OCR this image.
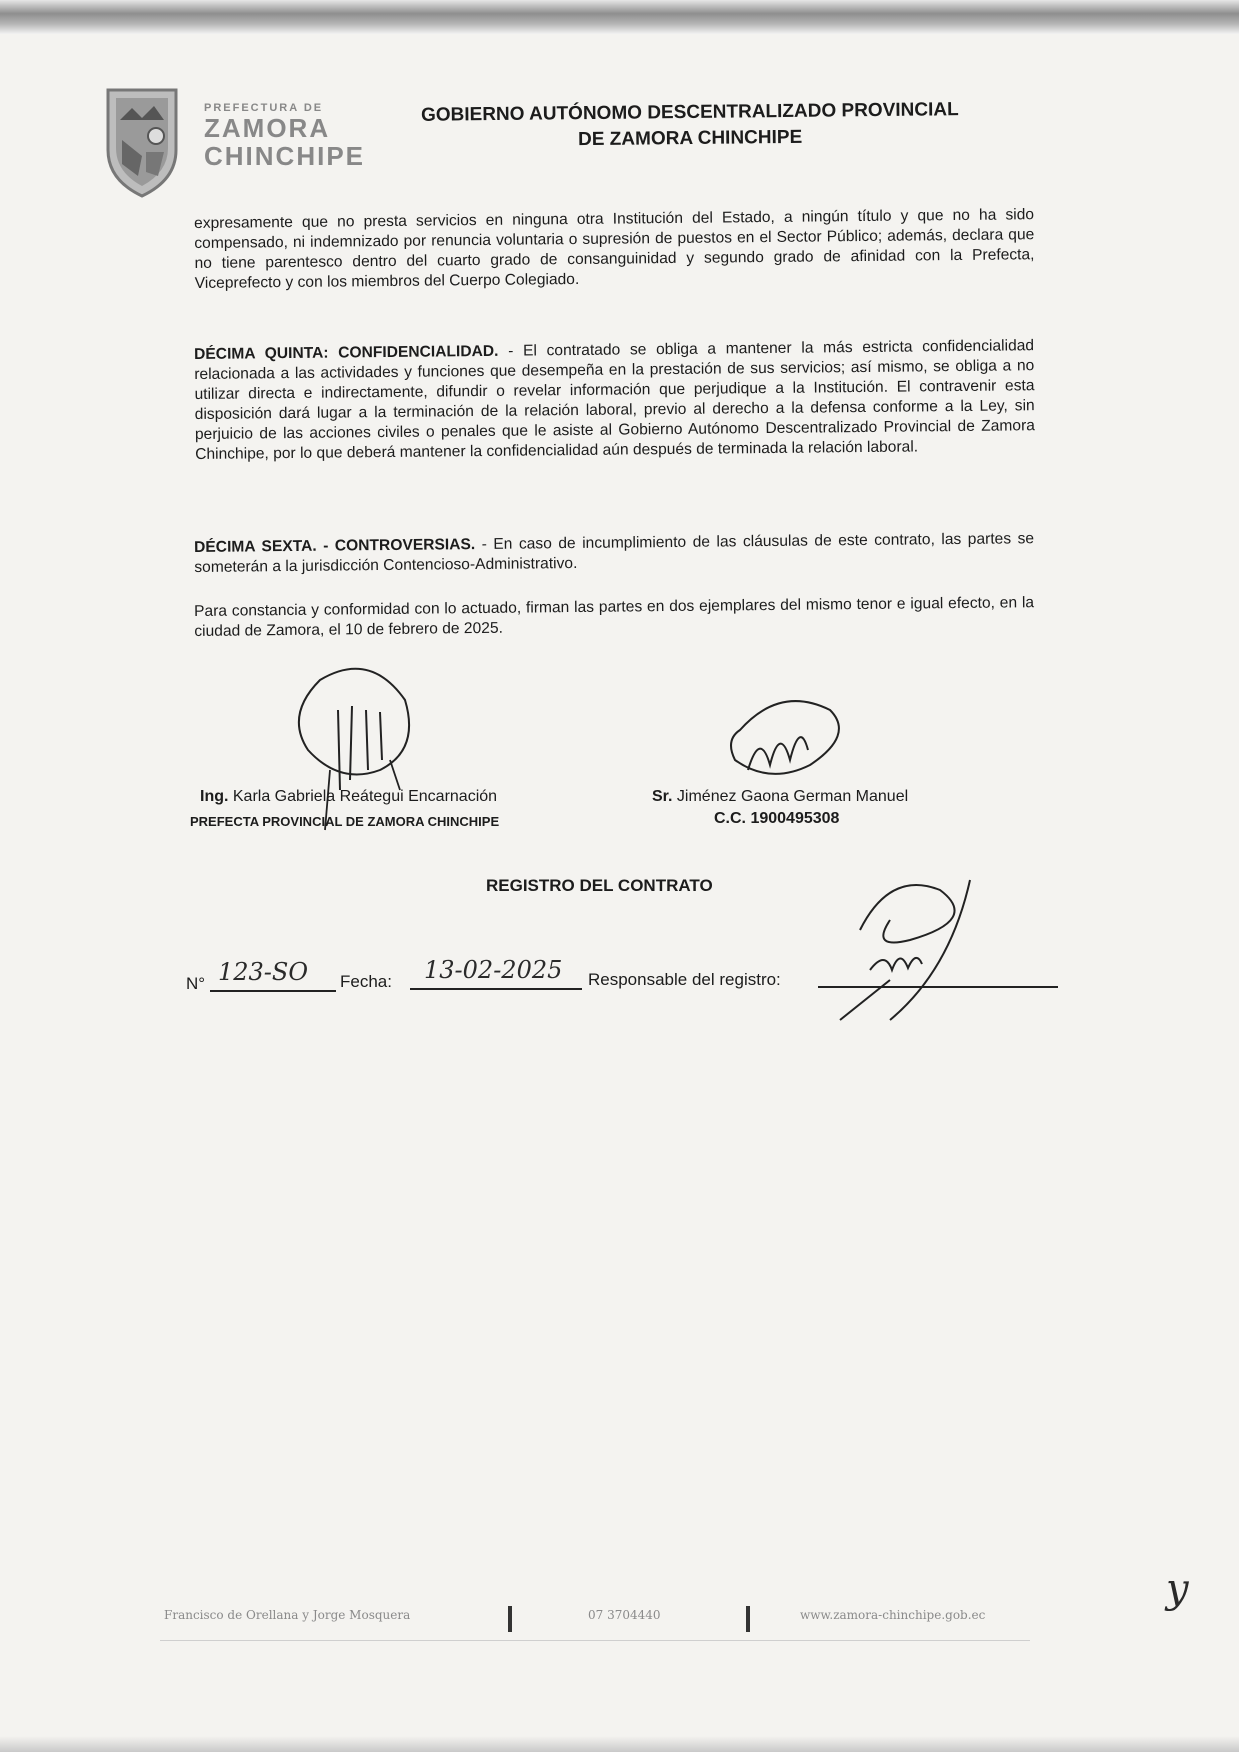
PREFECTURA DE
ZAMORA
CHINCHIPE
GOBIERNO AUTÓNOMO DESCENTRALIZADO PROVINCIAL
DE ZAMORA CHINCHIPE
expresamente que no presta servicios en ninguna otra Institución del Estado, a ningún título y que no ha sido compensado, ni indemnizado por renuncia voluntaria o supresión de puestos en el Sector Público; además, declara que no tiene parentesco dentro del cuarto grado de consanguinidad y segundo grado de afinidad con la Prefecta, Viceprefecto y con los miembros del Cuerpo Colegiado.
DÉCIMA QUINTA: CONFIDENCIALIDAD. - El contratado se obliga a mantener la más estricta confidencialidad relacionada a las actividades y funciones que desempeña en la prestación de sus servicios; así mismo, se obliga a no utilizar directa e indirectamente, difundir o revelar información que perjudique a la Institución. El contravenir esta disposición dará lugar a la terminación de la relación laboral, previo al derecho a la defensa conforme a la Ley, sin perjuicio de las acciones civiles o penales que le asiste al Gobierno Autónomo Descentralizado Provincial de Zamora Chinchipe, por lo que deberá mantener la confidencialidad aún después de terminada la relación laboral.
DÉCIMA SEXTA. - CONTROVERSIAS. - En caso de incumplimiento de las cláusulas de este contrato, las partes se someterán a la jurisdicción Contencioso-Administrativo.
Para constancia y conformidad con lo actuado, firman las partes en dos ejemplares del mismo tenor e igual efecto, en la ciudad de Zamora, el 10 de febrero de 2025.
Ing. Karla Gabriela Reátegui Encarnación
PREFECTA PROVINCIAL DE ZAMORA CHINCHIPE
Sr. Jiménez Gaona German Manuel
C.C. 1900495308
REGISTRO DEL CONTRATO
N° 123-SO Fecha: 13-02-2025 Responsable del registro:
Francisco de Orellana y Jorge Mosquera	07 3704440	www.zamora-chinchipe.gob.ec
y
